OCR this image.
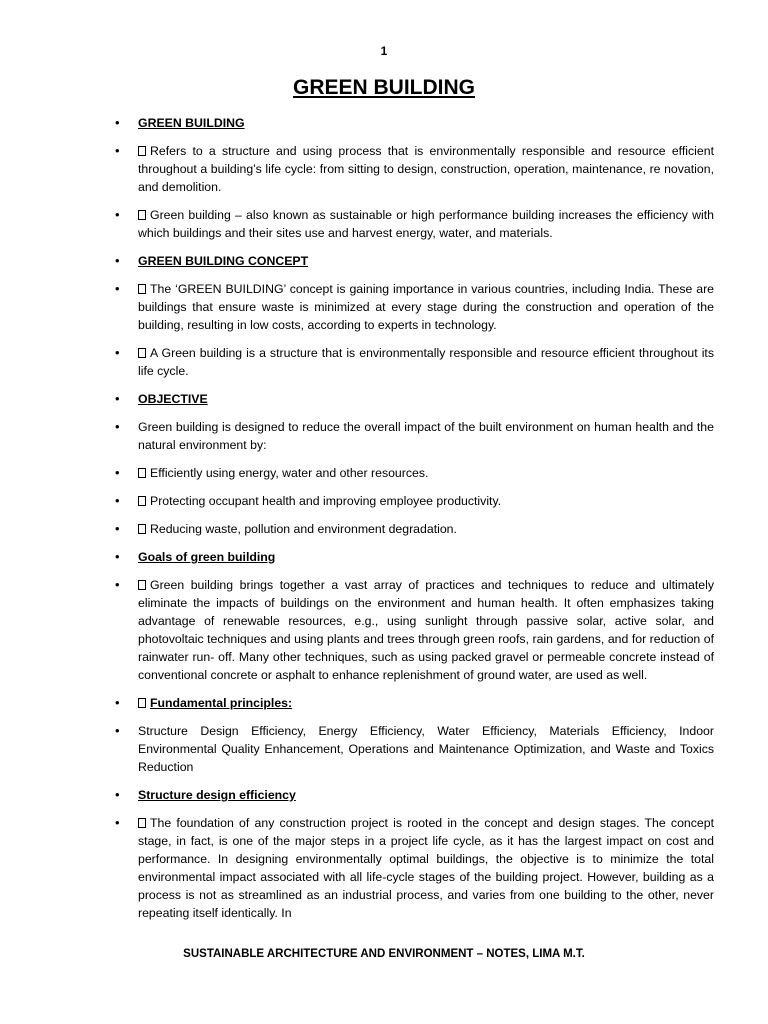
1
GREEN BUILDING
• GREEN BUILDING
• Refers to a structure and using process that is environmentally responsible and resource efficient throughout a building’s life cycle: from sitting to design, construction, operation, maintenance, re novation, and demolition.
• Green building – also known as sustainable or high performance building increases the efficiency with which buildings and their sites use and harvest energy, water, and materials.
• GREEN BUILDING CONCEPT
• The ‘GREEN BUILDING’ concept is gaining importance in various countries, including India. These are buildings that ensure waste is minimized at every stage during the construction and operation of the building, resulting in low costs, according to experts in technology.
• A Green building is a structure that is environmentally responsible and resource efficient throughout its life cycle.
• OBJECTIVE
• Green building is designed to reduce the overall impact of the built environment on human health and the natural environment by:
• Efficiently using energy, water and other resources.
• Protecting occupant health and improving employee productivity.
• Reducing waste, pollution and environment degradation.
• Goals of green building
• Green building brings together a vast array of practices and techniques to reduce and ultimately eliminate the impacts of buildings on the environment and human health. It often emphasizes taking advantage of renewable resources, e.g., using sunlight through passive solar, active solar, and photovoltaic techniques and using plants and trees through green roofs, rain gardens, and for reduction of rainwater run- off. Many other techniques, such as using packed gravel or permeable concrete instead of conventional concrete or asphalt to enhance replenishment of ground water, are used as well.
• Fundamental principles:
• Structure Design Efficiency, Energy Efficiency, Water Efficiency, Materials Efficiency, Indoor Environmental Quality Enhancement, Operations and Maintenance Optimization, and Waste and Toxics Reduction
• Structure design efficiency
• The foundation of any construction project is rooted in the concept and design stages. The concept stage, in fact, is one of the major steps in a project life cycle, as it has the largest impact on cost and performance. In designing environmentally optimal buildings, the objective is to minimize the total environmental impact associated with all life-cycle stages of the building project. However, building as a process is not as streamlined as an industrial process, and varies from one building to the other, never repeating itself identically. In
SUSTAINABLE ARCHITECTURE AND ENVIRONMENT – NOTES, LIMA M.T.
